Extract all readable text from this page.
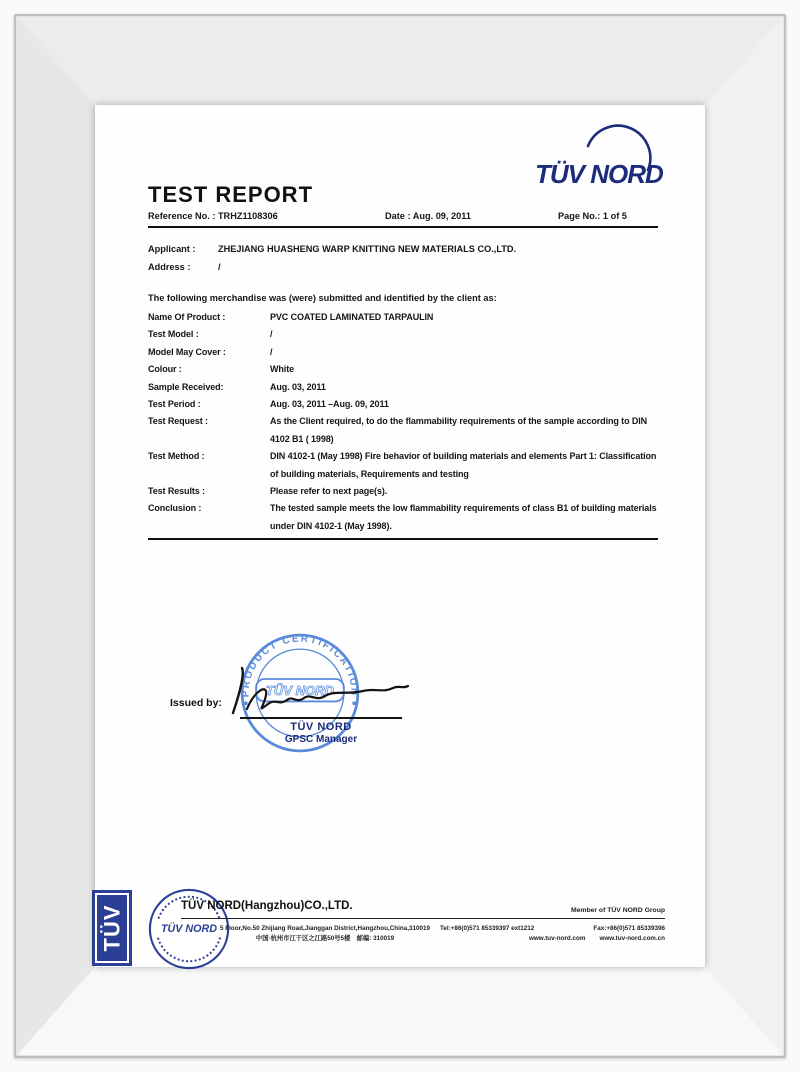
TÜV NORD
TEST REPORT
Reference No. : TRHZ1108306	Date : Aug. 09, 2011	Page No.: 1 of 5
Applicant :	ZHEJIANG HUASHENG WARP KNITTING NEW MATERIALS CO.,LTD.
Address :	/
The following merchandise was (were) submitted and identified by the client as:
Name Of Product :	PVC COATED LAMINATED TARPAULIN
Test Model :	/
Model May Cover :	/
Colour :	White
Sample Received:	Aug. 03, 2011
Test Period :	Aug. 03, 2011 –Aug. 09, 2011
Test Request :	As the Client required, to do the flammability requirements of the sample according to DIN 4102 B1 ( 1998)
Test Method :	DIN 4102-1 (May 1998) Fire behavior of building materials and elements Part 1: Classification of building materials, Requirements and testing
Test Results :	Please refer to next page(s).
Conclusion :	The tested sample meets the low flammability requirements of class B1 of building materials under DIN 4102-1 (May 1998).
Issued by:
PRODUCT CERTIFICATION
TÜV NORD
TÜV NORD
GPSC Manager
TÜV	TÜV NORD
TÜV NORD(Hangzhou)CO.,LTD.	Member of TÜV NORD Group
5 Floor,No.50 Zhijiang Road,Jianggan District,Hangzhou,China,310019
中国·杭州市江干区之江路50号5楼　邮编: 310019
Tel:+86(0)571 85339397 ext1212	Fax:+86(0)571 85339396
www.tuv-nord.com www.tuv-nord.com.cn
